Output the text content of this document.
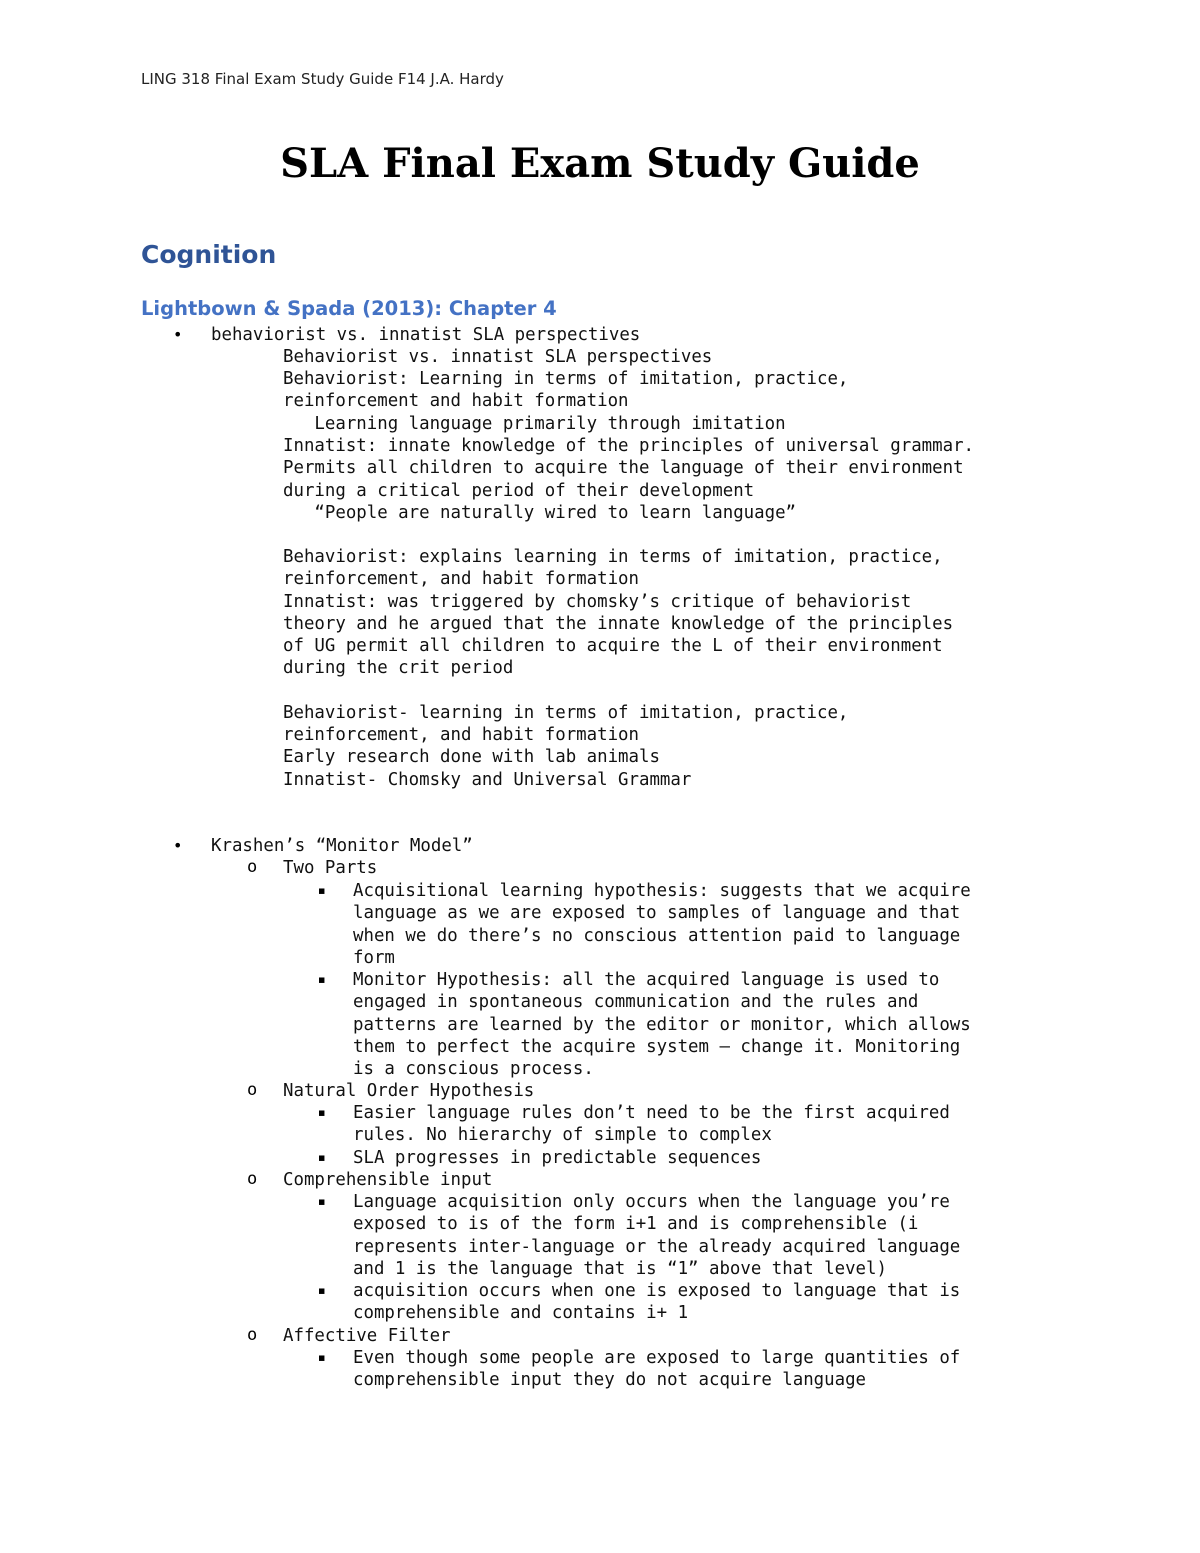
LING 318 Final Exam Study Guide F14 J.A. Hardy
SLA Final Exam Study Guide
Cognition
Lightbown & Spada (2013): Chapter 4
• behaviorist vs. innatist SLA perspectives
Behaviorist vs. innatist SLA perspectives
Behaviorist: Learning in terms of imitation, practice,
reinforcement and habit formation
Learning language primarily through imitation
Innatist: innate knowledge of the principles of universal grammar.
Permits all children to acquire the language of their environment
during a critical period of their development
“People are naturally wired to learn language”
Behaviorist: explains learning in terms of imitation, practice,
reinforcement, and habit formation
Innatist: was triggered by chomsky’s critique of behaviorist
theory and he argued that the innate knowledge of the principles
of UG permit all children to acquire the L of their environment
during the crit period
Behaviorist- learning in terms of imitation, practice,
reinforcement, and habit formation
Early research done with lab animals
Innatist- Chomsky and Universal Grammar
• Krashen’s “Monitor Model”
o Two Parts
▪ Acquisitional learning hypothesis: suggests that we acquire
language as we are exposed to samples of language and that
when we do there’s no conscious attention paid to language
form
▪ Monitor Hypothesis: all the acquired language is used to
engaged in spontaneous communication and the rules and
patterns are learned by the editor or monitor, which allows
them to perfect the acquire system – change it. Monitoring
is a conscious process.
o Natural Order Hypothesis
▪ Easier language rules don’t need to be the first acquired
rules. No hierarchy of simple to complex
▪ SLA progresses in predictable sequences
o Comprehensible input
▪ Language acquisition only occurs when the language you’re
exposed to is of the form i+1 and is comprehensible (i
represents inter-language or the already acquired language
and 1 is the language that is “1” above that level)
▪ acquisition occurs when one is exposed to language that is
comprehensible and contains i+ 1
o Affective Filter
▪ Even though some people are exposed to large quantities of
comprehensible input they do not acquire language
